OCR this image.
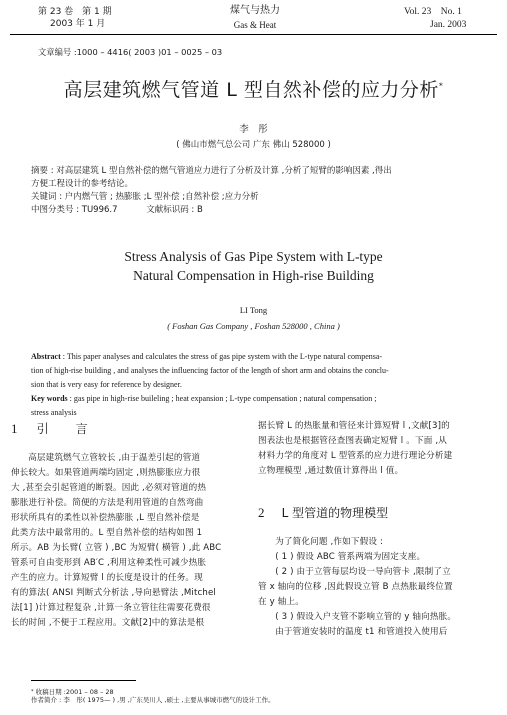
第 23 卷　第 1 期
2003 年 1 月
煤气与热力
Gas & Heat
Vol. 23　No. 1
Jan. 2003
文章编号 :1000 – 4416( 2003 )01 – 0025 – 03
高层建筑燃气管道 L 型自然补偿的应力分析*
李　彤
( 佛山市燃气总公司 广东 佛山 528000 )
摘要 : 对高层建筑 L 型自然补偿的燃气管道应力进行了分析及计算 ,分析了短臂的影响因素 ,得出
方便工程设计的参考结论。
关键词 : 户内燃气管 ; 热膨胀 ;L 型补偿 ;自然补偿 ;应力分析
中图分类号 : TU996.7	文献标识码 : B
Stress Analysis of Gas Pipe System with L-type
Natural Compensation in High-rise Building
LI Tong
( Foshan Gas Company , Foshan 528000 , China )
Abstract : This paper analyses and calculates the stress of gas pipe system with the L-type natural compensa-
tion of high-rise building , and analyses the influencing factor of the length of short arm and obtains the conclu-
sion that is very easy for reference by designer.
Key words : gas pipe in high-rise buileling ; heat expansion ; L-type compensation ; natural compensation ;
stress analysis
1 引　　言

高层建筑燃气立管较长 ,由于温差引起的管道

伸长较大。如果管道两端均固定 ,则热膨胀应力很

大 ,甚至会引起管道的断裂。因此 ,必须对管道的热

膨胀进行补偿。简便的方法是利用管道的自然弯曲

形状所具有的柔性以补偿热膨胀 ,L 型自然补偿是

此类方法中最常用的。L 型自然补偿的结构如图 1

所示。AB 为长臂( 立管 ) ,BC 为短臂( 横管 ) ,此 ABC

管系可自由变形到 AB′C ,利用这种柔性可减少热胀

产生的应力。计算短臂 l 的长度是设计的任务。现

有的算法( ANSI 判断式分析法 ,导向悬臂法 ,Mitchel

法[1] )计算过程复杂 ,计算一条立管往往需要花费很

长的时间 ,不便于工程应用。文献[2]中的算法是根

据长臂 L 的热胀量和管径来计算短臂 l ,文献[3]的

图表法也是根据管径查图表确定短臂 l 。下面 ,从

材料力学的角度对 L 型管系的应力进行理论分析建

立物理模型 ,通过数值计算得出 l 值。

2 L 型管道的物理模型

为了简化问题 ,作如下假设 :

( 1 ) 假设 ABC 管系两端为固定支座。

( 2 ) 由于立管每层均设一导向管卡 ,限制了立

管 x 轴向的位移 ,因此假设立管 B 点热胀最终位置

在 y 轴上。

( 3 ) 假设入户支管不影响立管的 y 轴向热胀。

由于管道安装时的温度 t1 和管道投入使用后

* 收稿日期 :2001 – 08 – 28
作者简介 : 李　彤( 1975— ) ,男 ,广东吴川人 ,硕士 ,主要从事城市燃气的设计工作。
